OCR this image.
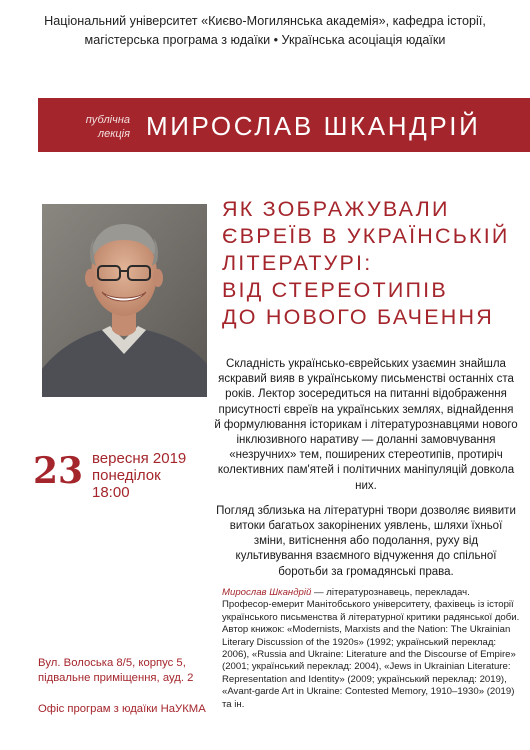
Національний університет «Києво-Могилянська академія», кафедра історії,
магістерська програма з юдаїки • Українська асоціація юдаїки
публічна
лекція МИРОСЛАВ ШКАНДРІЙ
ЯК ЗОБРАЖУВАЛИ
ЄВРЕЇВ В УКРАЇНСЬКІЙ
ЛІТЕРАТУРІ:
ВІД СТЕРЕОТИПІВ
ДО НОВОГО БАЧЕННЯ

Складність українсько-єврейських узаємин знайшла яскравий вияв в українському письменстві останніх ста років. Лектор зосередиться на питанні відображення присутності євреїв на українських землях, віднайдення й формулювання історикам і літературознавцями нового інклюзивного наративу — доланні замовчування «незручних» тем, поширених стереотипів, протиріч колективних пам'ятей і політичних маніпуляцій довкола них.

Погляд зблизька на літературні твори дозволяє виявити витоки багатьох закорінених уявлень, шляхи їхньої зміни, витіснення або подолання, руху від культивування взаємного відчуження до спільної боротьби за громадянські права.

23 вересня 2019
понеділок
18:00
Мирослав Шкандрій — літературознавець, перекладач. Професор-емерит Манітобського університету, фахівець із історії українського письменства й літературної критики радянської доби. Автор книжок: «Modernists, Marxists and the Nation: The Ukrainian Literary Discussion of the 1920s» (1992; український переклад: 2006), «Russia and Ukraine: Literature and the Discourse of Empire» (2001; український переклад: 2004), «Jews in Ukrainian Literature: Representation and Identity» (2009; український переклад: 2019), «Avant-garde Art in Ukraine: Contested Memory, 1910–1930» (2019) та ін.
Вул. Волоська 8/5, корпус 5,
підвальне приміщення, ауд. 2
Офіс програм з юдаїки НаУКМА
